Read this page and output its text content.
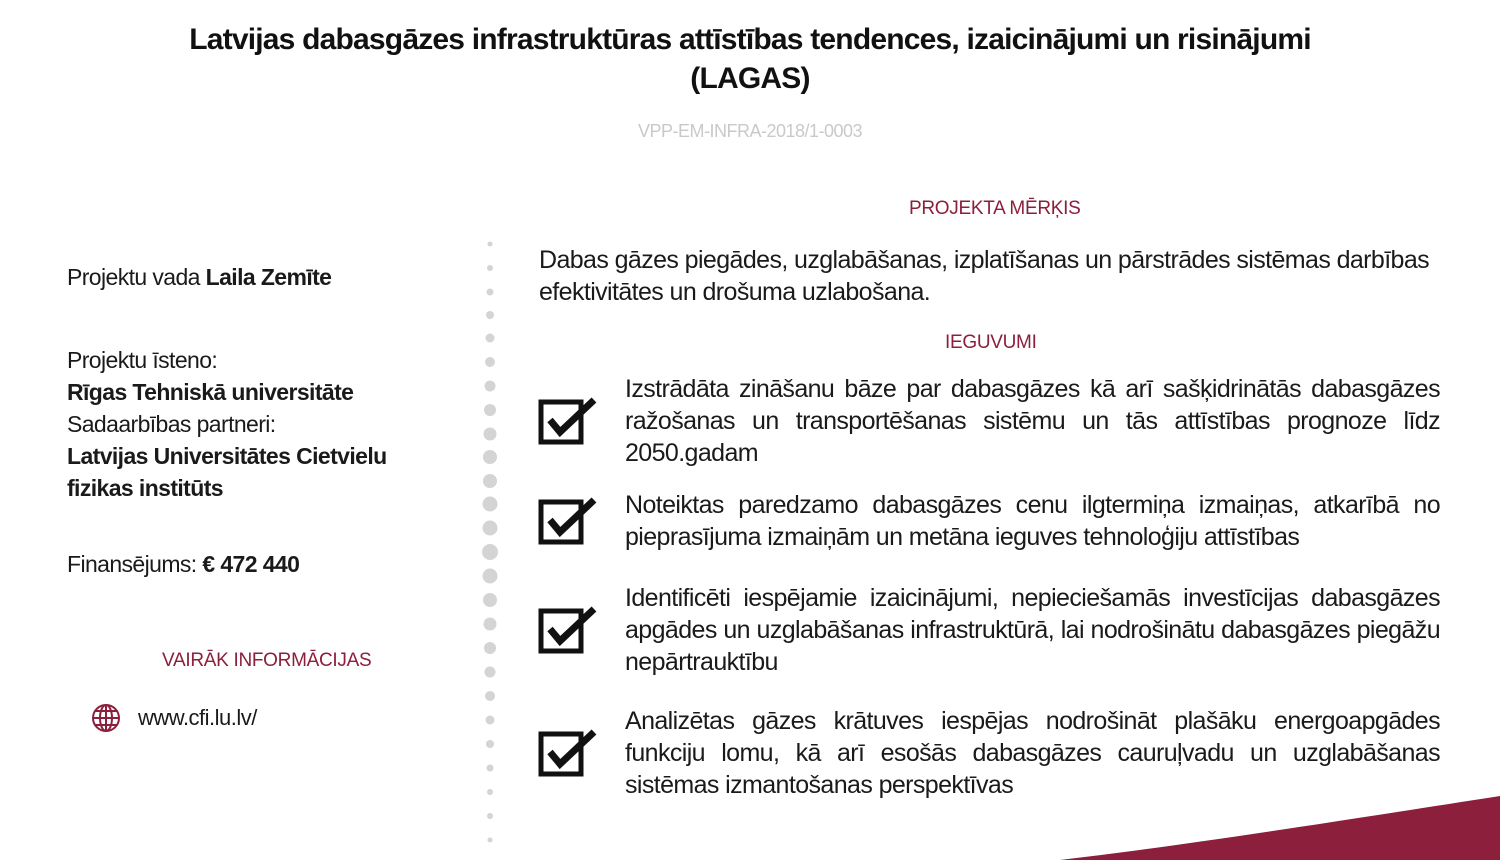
Latvijas dabasgāzes infrastruktūras attīstības tendences, izaicinājumi un risinājumi
(LAGAS)
VPP-EM-INFRA-2018/1-0003
Projektu vada Laila Zemīte
Projektu īsteno:
Rīgas Tehniskā universitāte
Sadaarbības partneri:
Latvijas Universitātes Cietvielu
fizikas institūts
Finansējums: € 472 440
VAIRĀK INFORMĀCIJAS
www.cfi.lu.lv/
PROJEKTA MĒRĶIS
Dabas gāzes piegādes, uzglabāšanas, izplatīšanas un pārstrādes sistēmas darbības efektivitātes un drošuma uzlabošana.
IEGUVUMI
Izstrādāta zināšanu bāze par dabasgāzes kā arī sašķidrinātās dabasgāzes ražošanas un transportēšanas sistēmu un tās attīstības prognoze līdz 2050.gadam
Noteiktas paredzamo dabasgāzes cenu ilgtermiņa izmaiņas, atkarībā no pieprasījuma izmaiņām un metāna ieguves tehnoloģiju attīstības
Identificēti iespējamie izaicinājumi, nepieciešamās investīcijas dabasgāzes apgādes un uzglabāšanas infrastruktūrā, lai nodrošinātu dabasgāzes piegāžu nepārtrauktību
Analizētas gāzes krātuves iespējas nodrošināt plašāku energoapgādes funkciju lomu, kā arī esošās dabasgāzes cauruļvadu un uzglabāšanas sistēmas izmantošanas perspektīvas
